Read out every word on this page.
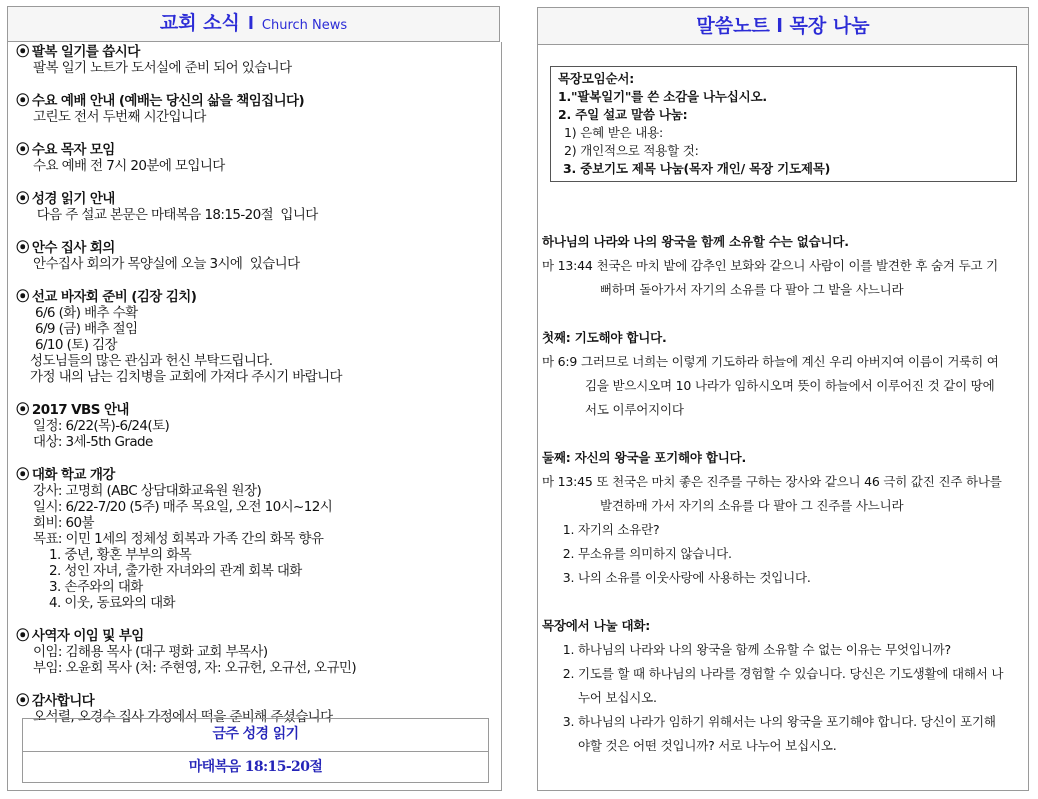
교회 소식 l Church News
⦿ 팔복 일기를 씁시다
팔복 일기 노트가 도서실에 준비 되어 있습니다
⦿ 수요 예배 안내 (예배는 당신의 삶을 책임집니다)
고린도 전서 두번째 시간입니다
⦿ 수요 목자 모임
수요 예배 전 7시 20분에 모입니다
⦿ 성경 읽기 안내
다음 주 설교 본문은 마태복음 18:15-20절  입니다
⦿ 안수 집사 회의
안수집사 회의가 목양실에 오늘 3시에  있습니다
⦿ 선교 바자회 준비 (김장 김치)
6/6 (화) 배추 수확
6/9 (금) 배추 절임
6/10 (토) 김장
성도님들의 많은 관심과 헌신 부탁드립니다.
가정 내의 남는 김치병을 교회에 가져다 주시기 바랍니다
⦿ 2017 VBS 안내
일정: 6/22(목)-6/24(토)
대상: 3세-5th Grade
⦿ 대화 학교 개강
강사: 고명희 (ABC 상담대화교육원 원장)
일시: 6/22-7/20 (5주) 매주 목요일, 오전 10시~12시
회비: 60불
목표: 이민 1세의 정체성 회복과 가족 간의 화목 향유
1. 중년, 황혼 부부의 화목
2. 성인 자녀, 출가한 자녀와의 관계 회복 대화
3. 손주와의 대화
4. 이웃, 동료와의 대화
⦿ 사역자 이임 및 부임
이임: 김해용 목사 (대구 평화 교회 부목사)
부임: 오윤회 목사 (처: 주현영, 자: 오규헌, 오규선, 오규민)
⦿ 감사합니다
오석렬, 오경수 집사 가정에서 떡을 준비해 주셨습니다
금주 성경 읽기
마태복음 18:15-20절
말씀노트 l 목장 나눔
목장모임순서:
1."팔복일기"를 쓴 소감을 나누십시오.
2. 주일 설교 말씀 나눔:
1) 은혜 받은 내용:
2) 개인적으로 적용할 것:
3. 중보기도 제목 나눔(목자 개인/ 목장 기도제목)

하나님의 나라와 나의 왕국을 함께 소유할 수는 없습니다.

마 13:44 천국은 마치 밭에 감추인 보화와 같으니 사람이 이를 발견한 후 숨겨 두고 기

뻐하며 돌아가서 자기의 소유를 다 팔아 그 밭을 사느니라

첫째: 기도해야 합니다.

마 6:9 그러므로 너희는 이렇게 기도하라 하늘에 계신 우리 아버지여 이름이 거룩히 여

김을 받으시오며 10 나라가 임하시오며 뜻이 하늘에서 이루어진 것 같이 땅에

서도 이루어지이다

둘째: 자신의 왕국을 포기해야 합니다.

마 13:45 또 천국은 마치 좋은 진주를 구하는 장사와 같으니 46 극히 값진 진주 하나를

발견하매 가서 자기의 소유를 다 팔아 그 진주를 사느니라

1. 자기의 소유란?
2. 무소유를 의미하지 않습니다.
3. 나의 소유를 이웃사랑에 사용하는 것입니다.

목장에서 나눌 대화:

1. 하나님의 나라와 나의 왕국을 함께 소유할 수 없는 이유는 무엇입니까?
2. 기도를 할 때 하나님의 나라를 경험할 수 있습니다. 당신은 기도생활에 대해서 나
누어 보십시오.
3. 하나님의 나라가 임하기 위해서는 나의 왕국을 포기해야 합니다. 당신이 포기해
야할 것은 어떤 것입니까? 서로 나누어 보십시오.
